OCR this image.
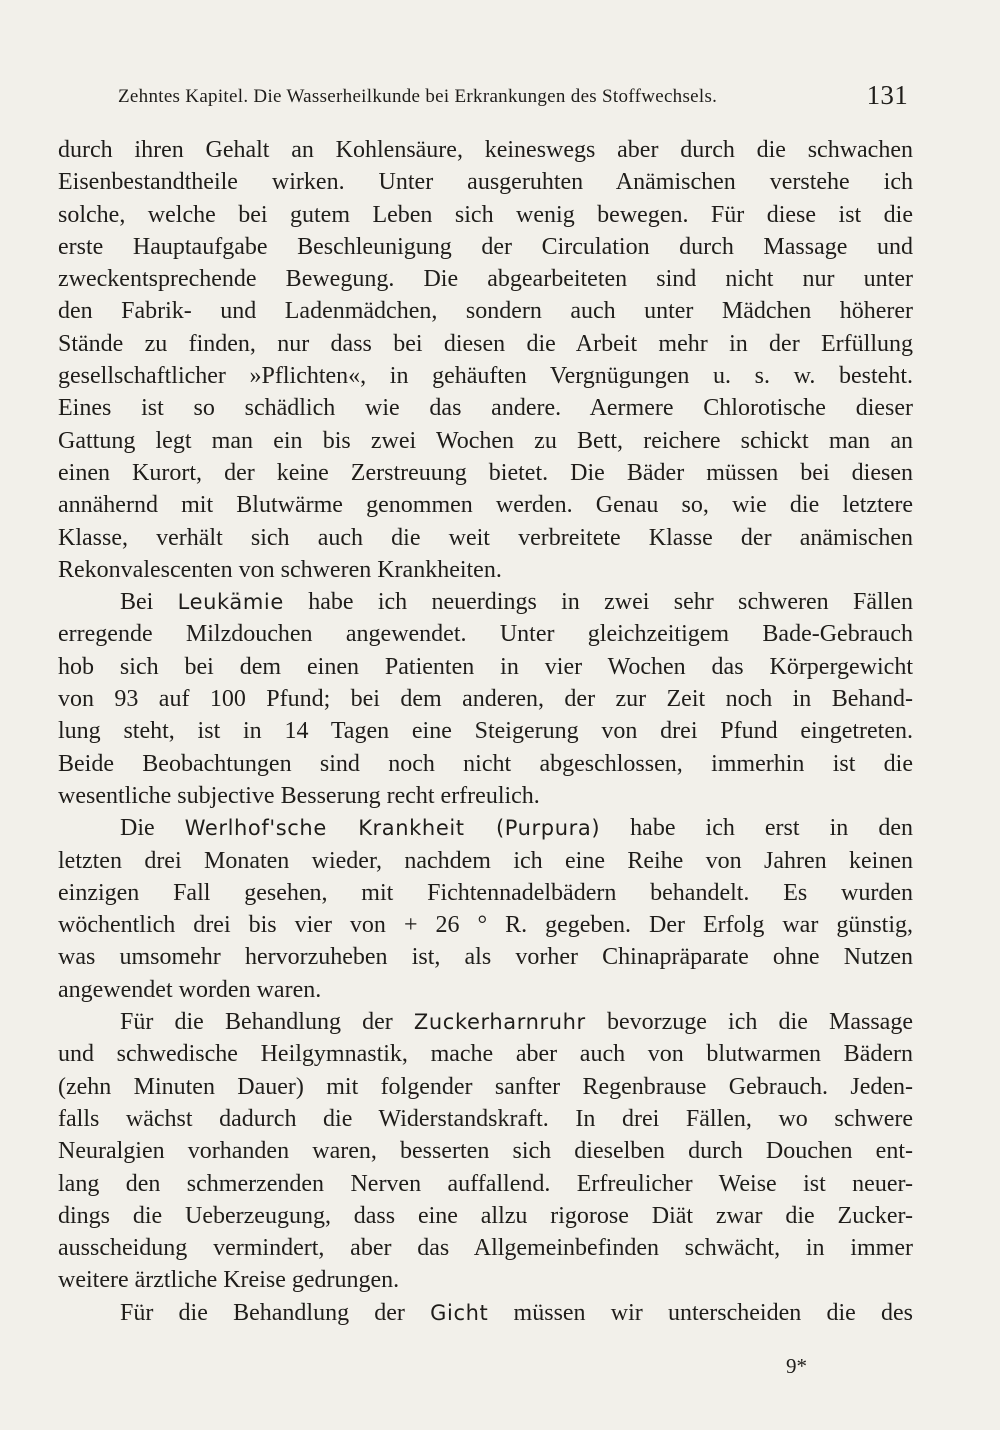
Zehntes Kapitel. Die Wasserheilkunde bei Erkrankungen des Stoffwechsels.	131
durch ihren Gehalt an Kohlensäure, keineswegs aber durch die schwachen
Eisenbestandtheile wirken. Unter ausgeruhten Anämischen verstehe ich
solche, welche bei gutem Leben sich wenig bewegen. Für diese ist die
erste Hauptaufgabe Beschleunigung der Circulation durch Massage und
zweckentsprechende Bewegung. Die abgearbeiteten sind nicht nur unter
den Fabrik- und Ladenmädchen, sondern auch unter Mädchen höherer
Stände zu finden, nur dass bei diesen die Arbeit mehr in der Erfüllung
gesellschaftlicher »Pflichten«, in gehäuften Vergnügungen u. s. w. besteht.
Eines ist so schädlich wie das andere. Aermere Chlorotische dieser
Gattung legt man ein bis zwei Wochen zu Bett, reichere schickt man an
einen Kurort, der keine Zerstreuung bietet. Die Bäder müssen bei diesen
annähernd mit Blutwärme genommen werden. Genau so, wie die letztere
Klasse, verhält sich auch die weit verbreitete Klasse der anämischen
Rekonvalescenten von schweren Krankheiten.
Bei Leukämie habe ich neuerdings in zwei sehr schweren Fällen
erregende Milzdouchen angewendet. Unter gleichzeitigem Bade-Gebrauch
hob sich bei dem einen Patienten in vier Wochen das Körpergewicht
von 93 auf 100 Pfund; bei dem anderen, der zur Zeit noch in Behand-
lung steht, ist in 14 Tagen eine Steigerung von drei Pfund eingetreten.
Beide Beobachtungen sind noch nicht abgeschlossen, immerhin ist die
wesentliche subjective Besserung recht erfreulich.
Die Werlhof'sche Krankheit (Purpura) habe ich erst in den
letzten drei Monaten wieder, nachdem ich eine Reihe von Jahren keinen
einzigen Fall gesehen, mit Fichtennadelbädern behandelt. Es wurden
wöchentlich drei bis vier von + 26 ° R. gegeben. Der Erfolg war günstig,
was umsomehr hervorzuheben ist, als vorher Chinapräparate ohne Nutzen
angewendet worden waren.
Für die Behandlung der Zuckerharnruhr bevorzuge ich die Massage
und schwedische Heilgymnastik, mache aber auch von blutwarmen Bädern
(zehn Minuten Dauer) mit folgender sanfter Regenbrause Gebrauch. Jeden-
falls wächst dadurch die Widerstandskraft. In drei Fällen, wo schwere
Neuralgien vorhanden waren, besserten sich dieselben durch Douchen ent-
lang den schmerzenden Nerven auffallend. Erfreulicher Weise ist neuer-
dings die Ueberzeugung, dass eine allzu rigorose Diät zwar die Zucker-
ausscheidung vermindert, aber das Allgemeinbefinden schwächt, in immer
weitere ärztliche Kreise gedrungen.
Für die Behandlung der Gicht müssen wir unterscheiden die des
9*
